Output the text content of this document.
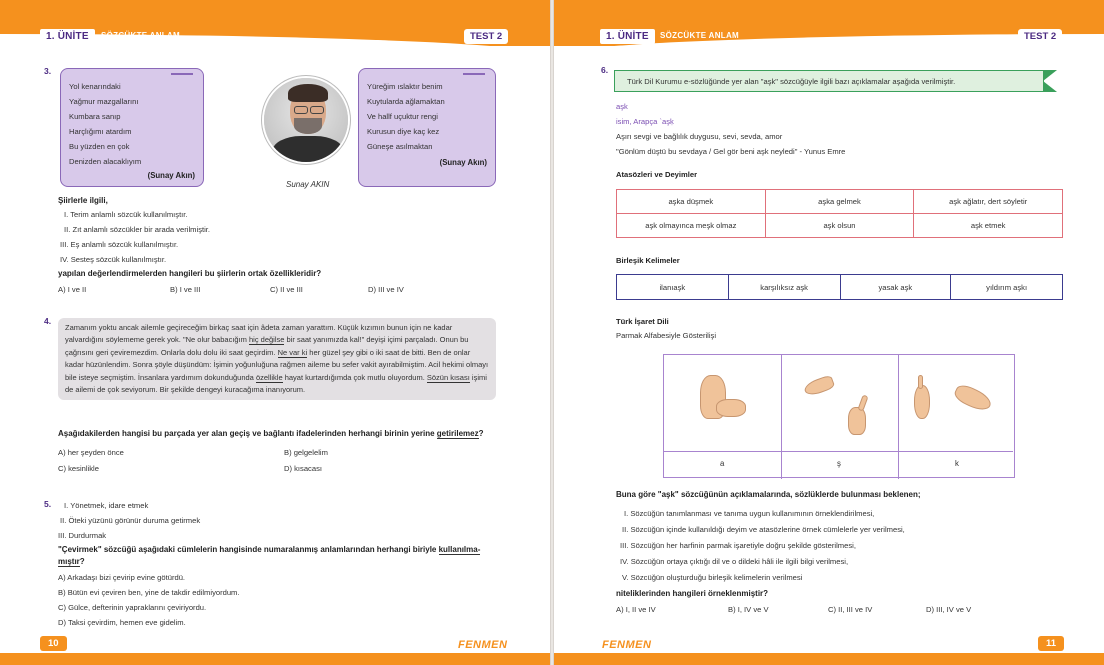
1. ÜNİTE	SÖZCÜKTE ANLAM	TEST 2
3.
Yol kenarındaki
Yağmur mazgallarını
Kumbara sanıp
Harçlığımı atardım
Bu yüzden en çok
Denizden alacaklıyım
(Sunay Akın)
Sunay AKIN
Yüreğim ıslaktır benim
Kuytularda ağlamaktan
Ve hallf uçuktur rengi
Kurusun diye kaç kez
Güneşe asılmaktan
(Sunay Akın)
Şiirlerle ilgili,
I. Terim anlamlı sözcük kullanılmıştır.
II. Zıt anlamlı sözcükler bir arada verilmiştir.
III. Eş anlamlı sözcük kullanılmıştır.
IV. Sesteş sözcük kullanılmıştır.
yapılan değerlendirmelerden hangileri bu şiirlerin ortak özellikleridir?
A) I ve II	B) I ve III	C) II ve III	D) III ve IV
4.

Zamanım yoktu ancak ailemle geçireceğim birkaç saat için âdeta zaman yarattım. Küçük kızımın bunun için ne kadar yalvardığını söylememe gerek yok. "Ne olur babacığım hiç değilse bir saat yanımızda kal!" deyişi içimi parçaladı. Onun bu çağrısını geri çeviremezdim. Onlarla dolu dolu iki saat geçirdim. Ne var ki her güzel şey gibi o iki saat de bitti. Ben de onlar kadar hüzünlendim. Sonra şöyle düşündüm: İşimin yoğunluğuna rağmen aileme bu sefer vakit ayırabilmiştim. Acil hekimi olmayı bile isteye seçmiştim. İnsanlara yardımım dokunduğunda özellikle hayat kurtardığımda çok mutlu oluyordum. Sözün kısası işimi de ailemi de çok seviyorum. Bir şekilde dengeyi kuracağıma inanıyorum.

Aşağıdakilerden hangisi bu parçada yer alan geçiş ve bağlantı ifadelerinden herhangi birinin yerine getirilemez?
A) her şeyden önce	B) gelgelelim
C) kesinlikle	D) kısacası
5. I. Yönetmek, idare etmek
II. Öteki yüzünü görünür duruma getirmek
III. Durdurmak
"Çevirmek" sözcüğü aşağıdaki cümlelerin hangisinde numaralanmış anlamlarından herhangi biriyle kullanılma-
mıştır?
A) Arkadaşı bizi çevirip evine götürdü.
B) Bütün evi çeviren ben, yine de takdir edilmiyordum.
C) Gülce, defterinin yapraklarını çeviriyordu.
D) Taksi çevirdim, hemen eve gidelim.
10	FENMEN
1. ÜNİTE	SÖZCÜKTE ANLAM	TEST 2
FENMEN	11
6.
Türk Dil Kurumu e-sözlüğünde yer alan "aşk" sözcüğüyle ilgili bazı açıklamalar aşağıda verilmiştir.
aşk
isim, Arapça ˋaşḳ
Aşırı sevgi ve bağlılık duygusu, sevi, sevda, amor
"Gönlüm düştü bu sevdaya / Gel gör beni aşk neyledi" - Yunus Emre
Atasözleri ve Deyimler
aşka düşmek	aşka gelmek	aşk ağlatır, dert söyletir
aşk olmayınca meşk olmaz	aşk olsun	aşk etmek
Birleşik Kelimeler
ilanıaşk	karşılıksız aşk	yasak aşk	yıldırım aşkı
Türk İşaret Dili
Parmak Alfabesiyle Gösterilişi
a	ş	k
Buna göre "aşk" sözcüğünün açıklamalarında, sözlüklerde bulunması beklenen;
I. Sözcüğün tanımlanması ve tanıma uygun kullanımının örneklendirilmesi,
II. Sözcüğün içinde kullanıldığı deyim ve atasözlerine örnek cümlelerle yer verilmesi,
III. Sözcüğün her harfinin parmak işaretiyle doğru şekilde gösterilmesi,
IV. Sözcüğün ortaya çıktığı dil ve o dildeki hâli ile ilgili bilgi verilmesi,
V. Sözcüğün oluşturduğu birleşik kelimelerin verilmesi
niteliklerinden hangileri örneklenmiştir?
A) I, II ve IV	B) I, IV ve V	C) II, III ve IV	D) III, IV ve V
